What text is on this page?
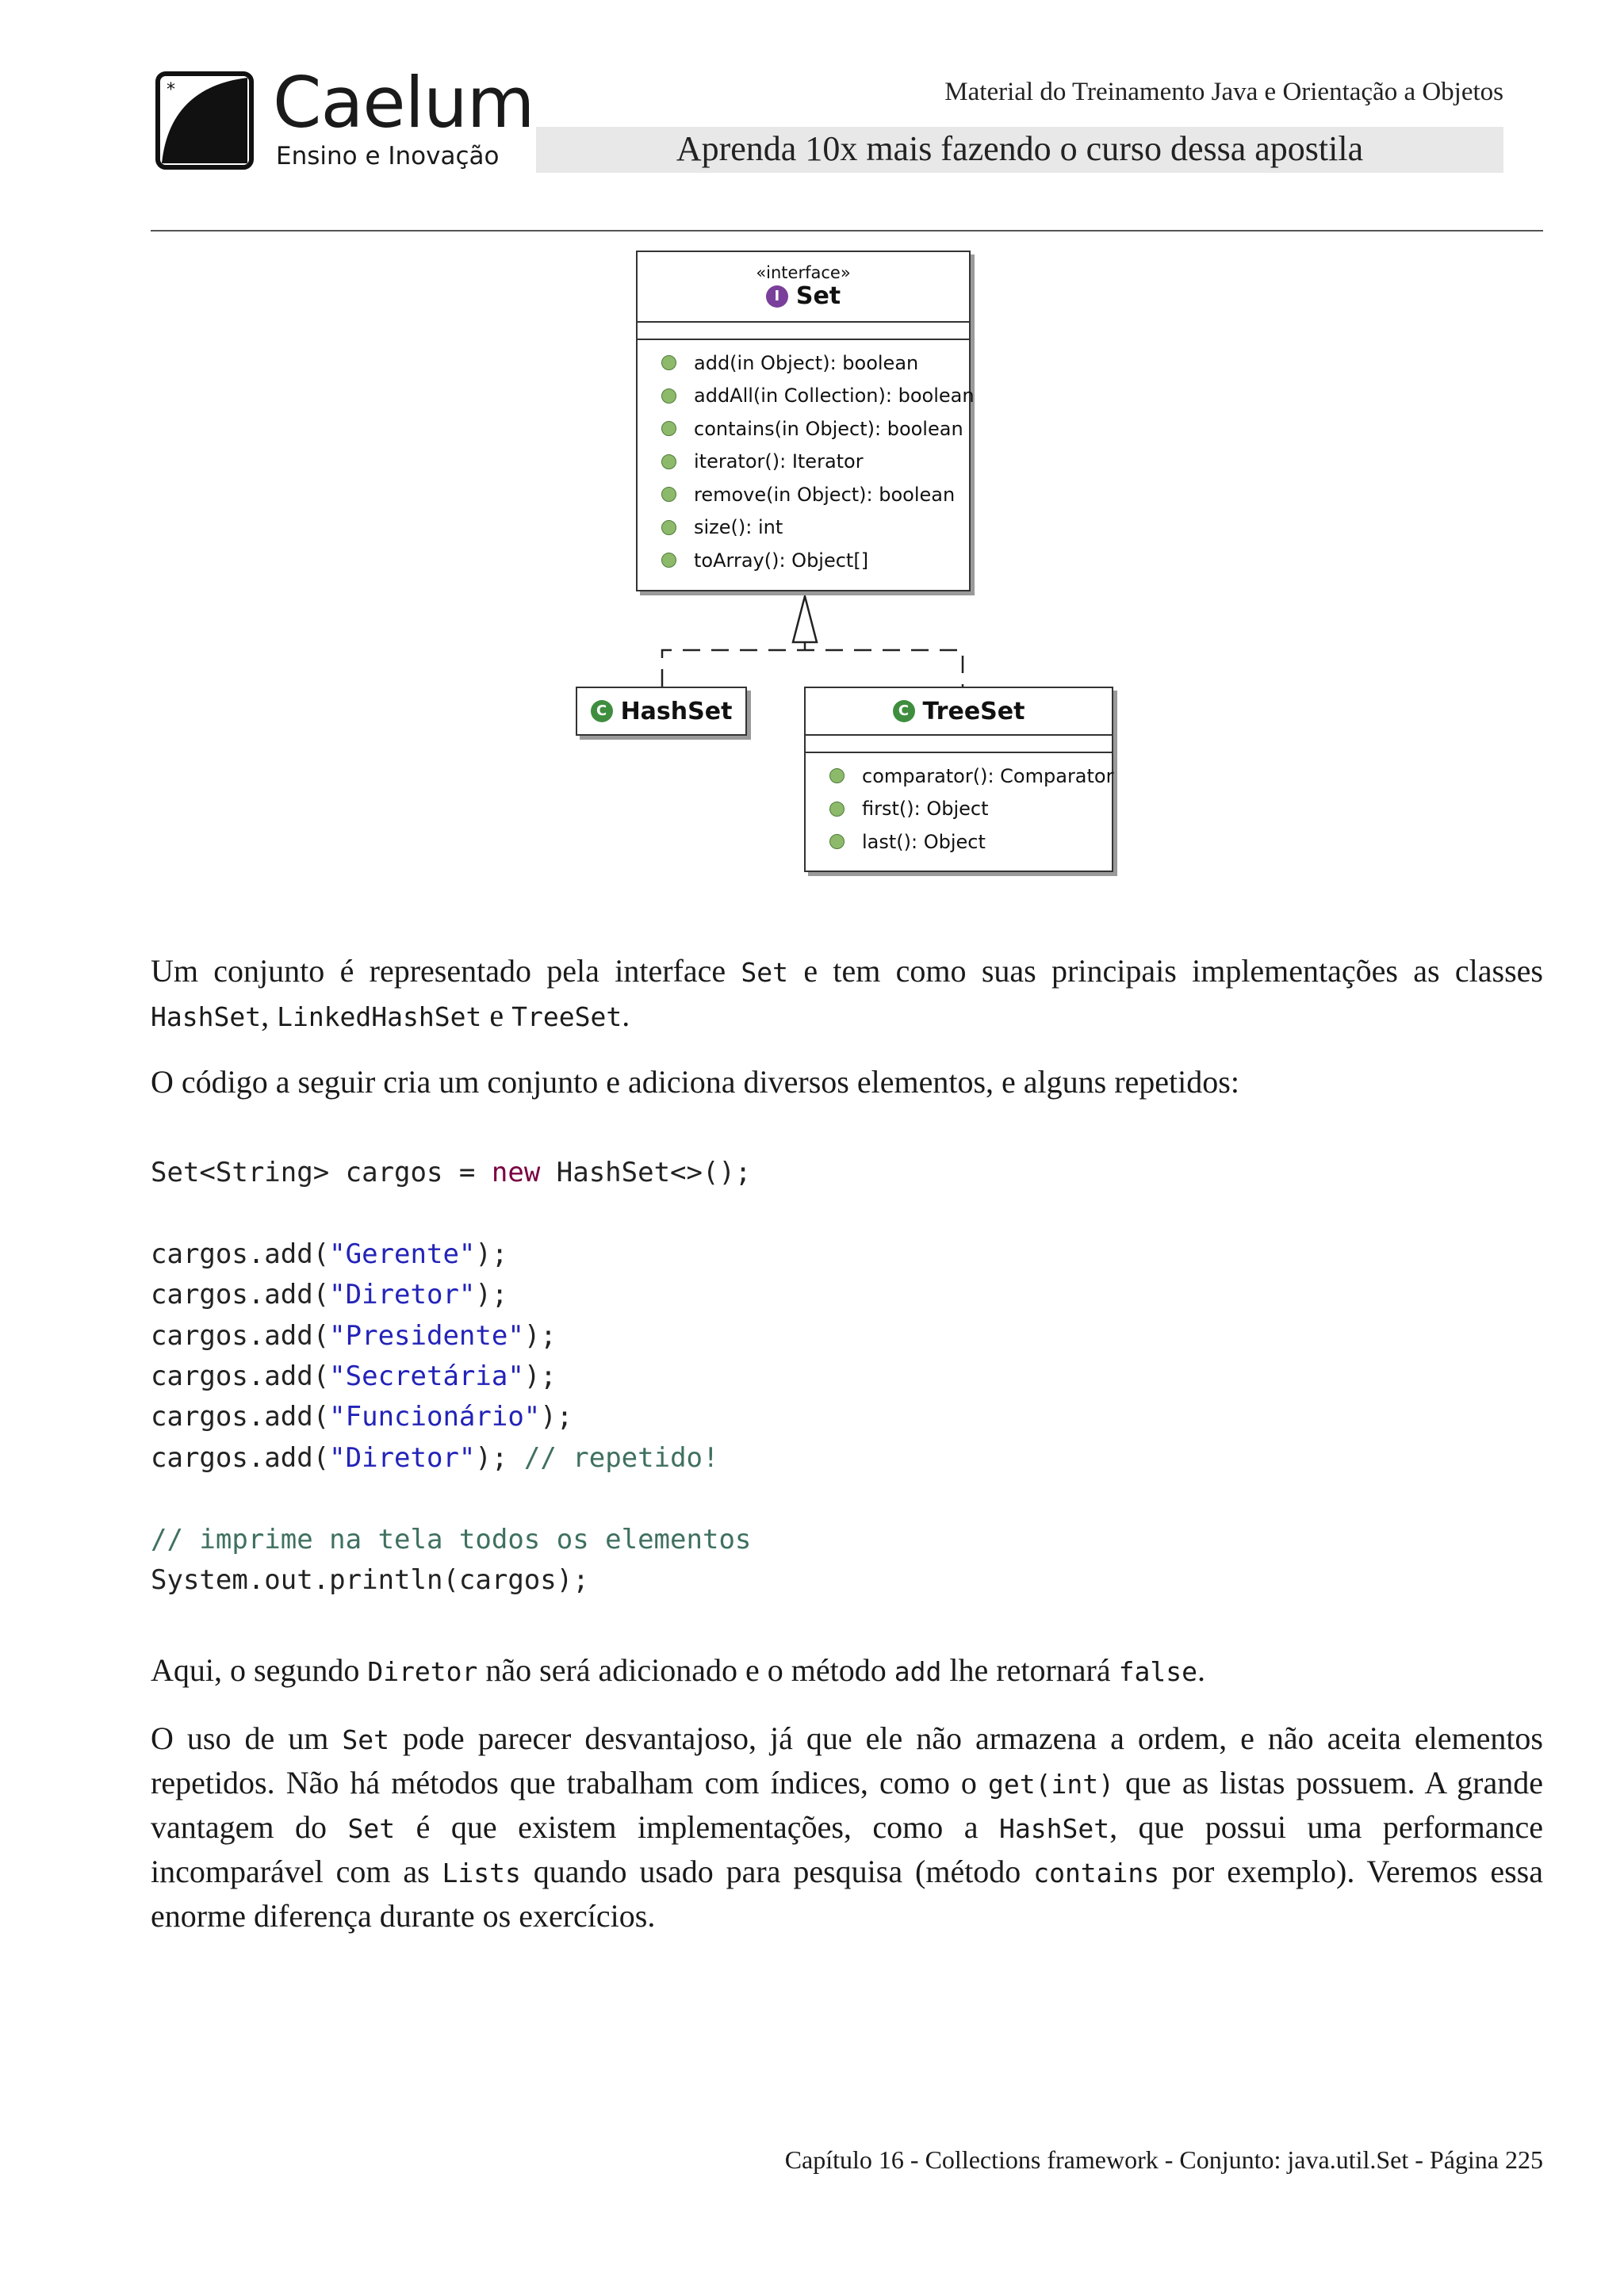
* Caelum
Ensino e Inovação
Material do Treinamento Java e Orientação a Objetos
Aprenda 10x mais fazendo o curso dessa apostila
«interface»
I Set
add(in Object): boolean
addAll(in Collection): boolean
contains(in Object): boolean
iterator(): Iterator
remove(in Object): boolean
size(): int
toArray(): Object[]
C HashSet	C TreeSet
comparator(): Comparator
first(): Object
last(): Object
Um conjunto é representado pela interface Set e tem como suas principais implementações as classes HashSet, LinkedHashSet e TreeSet.
O código a seguir cria um conjunto e adiciona diversos elementos, e alguns repetidos:
Set<String> cargos = new HashSet<>();

cargos.add("Gerente");
cargos.add("Diretor");
cargos.add("Presidente");
cargos.add("Secretária");
cargos.add("Funcionário");
cargos.add("Diretor"); // repetido!

// imprime na tela todos os elementos
System.out.println(cargos);
Aqui, o segundo Diretor não será adicionado e o método add lhe retornará false.
O uso de um Set pode parecer desvantajoso, já que ele não armazena a ordem, e não aceita elementos repetidos. Não há métodos que trabalham com índices, como o get(int) que as listas possuem. A grande vantagem do Set é que existem implementações, como a HashSet, que possui uma performance incomparável com as Lists quando usado para pesquisa (método contains por exemplo). Veremos essa enorme diferença durante os exercícios.
Capítulo 16 - Collections framework - Conjunto: java.util.Set - Página 225
